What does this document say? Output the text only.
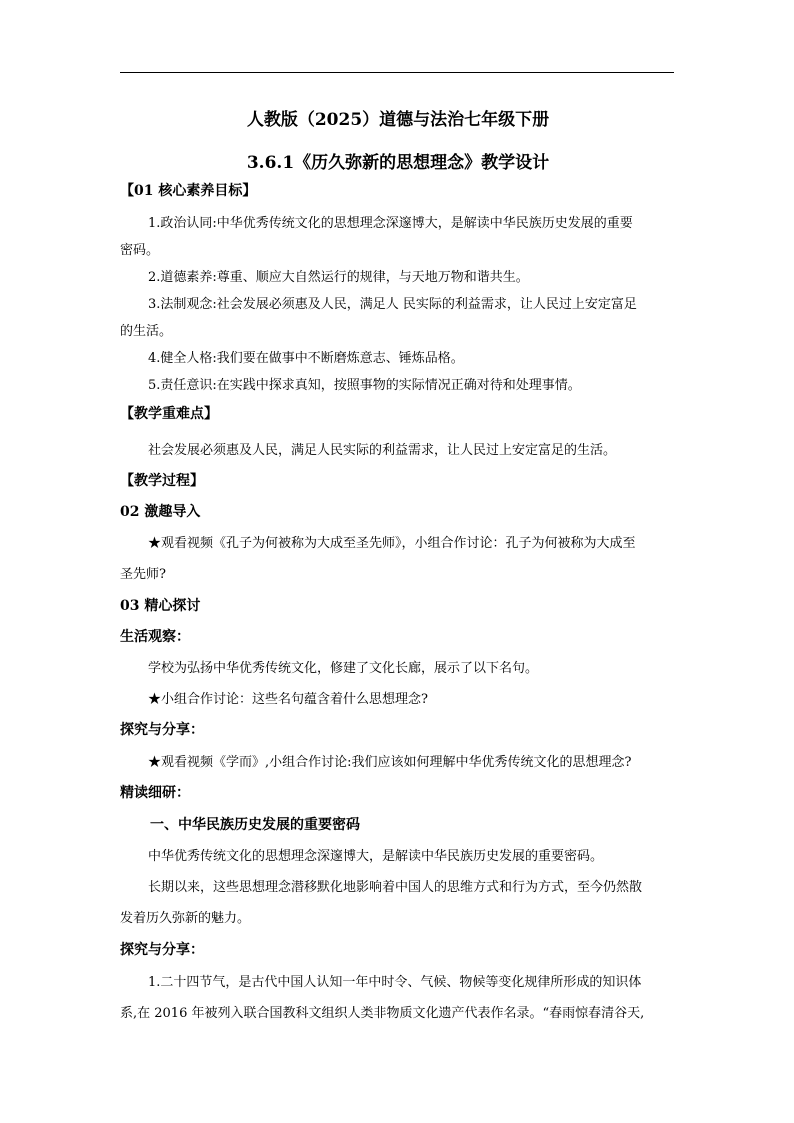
人教版（2025）道德与法治七年级下册
3.6.1《历久弥新的思想理念》教学设计
【01 核心素养目标】
1.政治认同:中华优秀传统文化的思想理念深邃博大，是解读中华民族历史发展的重要
密码。
2.道德素养:尊重、顺应大自然运行的规律，与天地万物和谐共生。
3.法制观念:社会发展必须惠及人民，满足人 民实际的利益需求，让人民过上安定富足
的生活。
4.健全人格:我们要在做事中不断磨炼意志、锤炼品格。
5.责任意识:在实践中探求真知，按照事物的实际情况正确对待和处理事情。
【教学重难点】
社会发展必须惠及人民，满足人民实际的利益需求，让人民过上安定富足的生活。
【教学过程】
02 激趣导入
★观看视频《孔子为何被称为大成至圣先师》，小组合作讨论：孔子为何被称为大成至
圣先师?
03 精心探讨
生活观察：
学校为弘扬中华优秀传统文化，修建了文化长廊，展示了以下名句。
★小组合作讨论：这些名句蕴含着什么思想理念?
探究与分享：
★观看视频《学而》,小组合作讨论:我们应该如何理解中华优秀传统文化的思想理念?
精读细研：
一、中华民族历史发展的重要密码
中华优秀传统文化的思想理念深邃博大，是解读中华民族历史发展的重要密码。
长期以来，这些思想理念潜移默化地影响着中国人的思维方式和行为方式，至今仍然散
发着历久弥新的魅力。
探究与分享：
1.二十四节气，是古代中国人认知一年中时令、气候、物候等变化规律所形成的知识体
系,在 2016 年被列入联合国教科文组织人类非物质文化遗产代表作名录。“春雨惊春清谷天,
